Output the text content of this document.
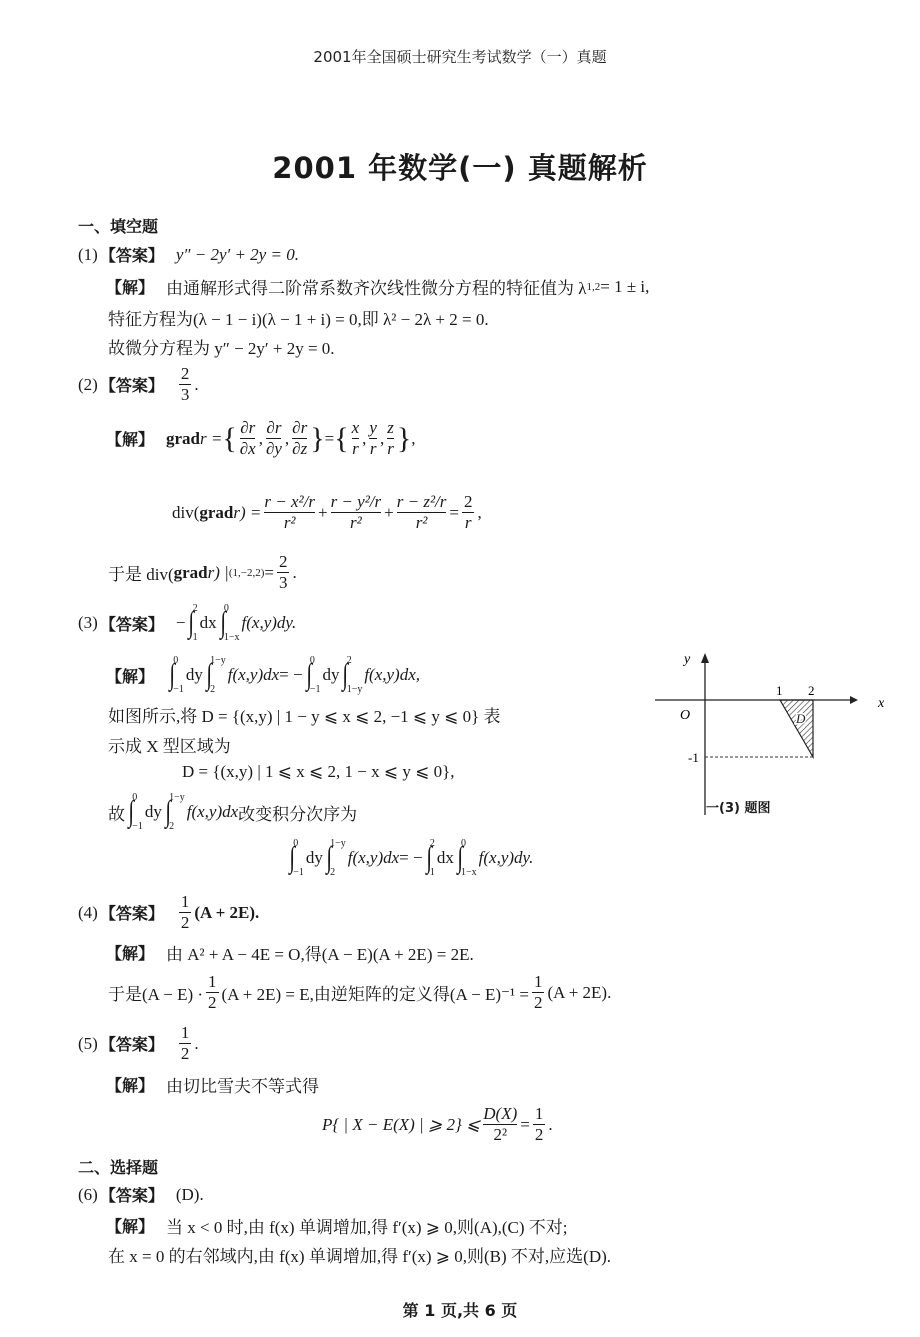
2001年全国硕士研究生考试数学（一）真题
2001 年数学(一) 真题解析
一、填空题
(1) 【答案】 y″ − 2y′ + 2y = 0.
【解】 由通解形式得二阶常系数齐次线性微分方程的特征值为 λ 1,2 = 1 ± i,
特征方程为(λ − 1 − i)(λ − 1 + i) = 0,即 λ² − 2λ + 2 = 0.
故微分方程为 y″ − 2y′ + 2y = 0.
(2) 【答案】 $\frac{2}{3}$ .
【解】 grad r = { $\frac{\partial r}{\partial x}$ , $\frac{\partial r}{\partial y}$ , $\frac{\partial r}{\partial z}$ } = { $\frac{x}{r}$ , $\frac{y}{r}$ , $\frac{z}{r}$ } ,
div( grad $r) = \frac{\text{r − x²/r}}{\text{r²}} + \frac{\text{r − y²/r}}{\text{r²}} + \frac{\text{r − z²/r}}{\text{r²}} = \frac{2}{r}$ ,
于是 div( grad r) | $(1,-2,2) = \frac{2}{3}$ .
(3) 【答案】 − ∫
2
1
dx ∫
0
1−x
f(x,y)dy.
【解】 ∫
0
−1
dy ∫
1−y
2
f(x,y)dx = − ∫
0
−1
dy ∫
2
1−y
f(x,y)dx,
如图所示,将 D = {(x,y) | 1 − y ⩽ x ⩽ 2, −1 ⩽ y ⩽ 0} 表
示成 X 型区域为
D = {(x,y) | 1 ⩽ x ⩽ 2, 1 − x ⩽ y ⩽ 0},
故 ∫
0
−1
dy ∫
1−y
2
f(x,y)dx 改变积分次序为
∫
0
−1
dy ∫
1−y
2
f(x,y)dx = − ∫
2
1
dx ∫
0
1−x
f(x,y)dy.
y
x
O
1 2
-1
D
一(3) 题图
(4) 【答案】 $\frac{1}{2} (A + 2E)$.
【解】 由 A² + A − 4E = O,得(A − E)(A + 2E) = 2E.
于是$(A - E) \cdot \frac{1}{2} (A + 2E) = E$,由逆矩阵的定义得$(A - E)^{-1} = \frac{1}{2} (A + 2E)$.
(5) 【答案】 $\frac{1}{2}$ .
【解】 由切比雪夫不等式得
P{ | X − E(X) | ⩾ 2} ⩽ $\frac{D(X)}{\text{2²}} = \frac{1}{2}$ .
二、选择题
(6) 【答案】 (D).
【解】 当 x < 0 时,由 f(x) 单调增加,得 f′(x) ⩾ 0,则(A),(C) 不对;
在 x = 0 的右邻域内,由 f(x) 单调增加,得 f′(x) ⩾ 0,则(B) 不对,应选(D).
第 1 页,共 6 页
